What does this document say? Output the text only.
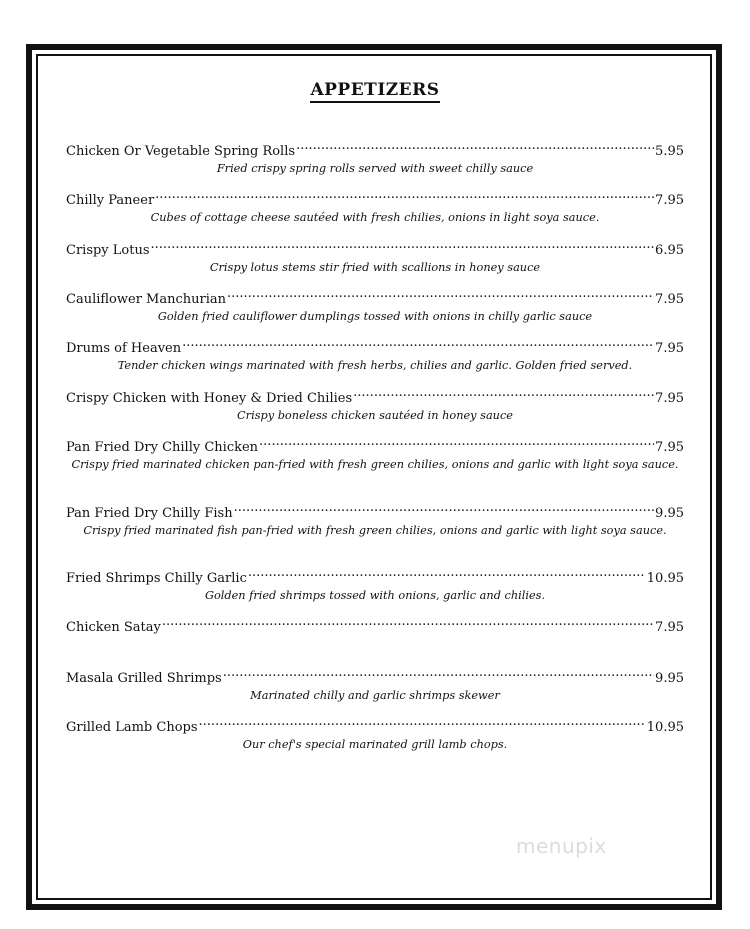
APPETIZERS
Chicken Or Vegetable Spring Rolls .....	5.95
Fried crispy spring rolls served with sweet chilly sauce
Chilly Paneer .....	7.95
Cubes of cottage cheese sautéed with fresh chilies, onions in light soya sauce.
Crispy Lotus .....	6.95
Crispy lotus stems stir fried with scallions in honey sauce
Cauliflower Manchurian .....	7.95
Golden fried cauliflower dumplings tossed with onions in chilly garlic sauce
Drums of Heaven .....	7.95
Tender chicken wings marinated with fresh herbs, chilies and garlic. Golden fried served.
Crispy Chicken with Honey & Dried Chilies .....	7.95
Crispy boneless chicken sautéed in honey sauce
Pan Fried Dry Chilly Chicken .....	7.95
Crispy fried marinated chicken pan-fried with fresh green chilies, onions and garlic with light soya sauce.
Pan Fried Dry Chilly Fish .....	9.95
Crispy fried marinated fish pan-fried with fresh green chilies, onions and garlic with light soya sauce.
Fried Shrimps Chilly Garlic .....	10.95
Golden fried shrimps tossed with onions, garlic and chilies.
Chicken Satay .....	7.95
Masala Grilled Shrimps .....	9.95
Marinated chilly and garlic shrimps skewer
Grilled Lamb Chops .....	10.95
Our chef's special marinated grill lamb chops.
menupix
